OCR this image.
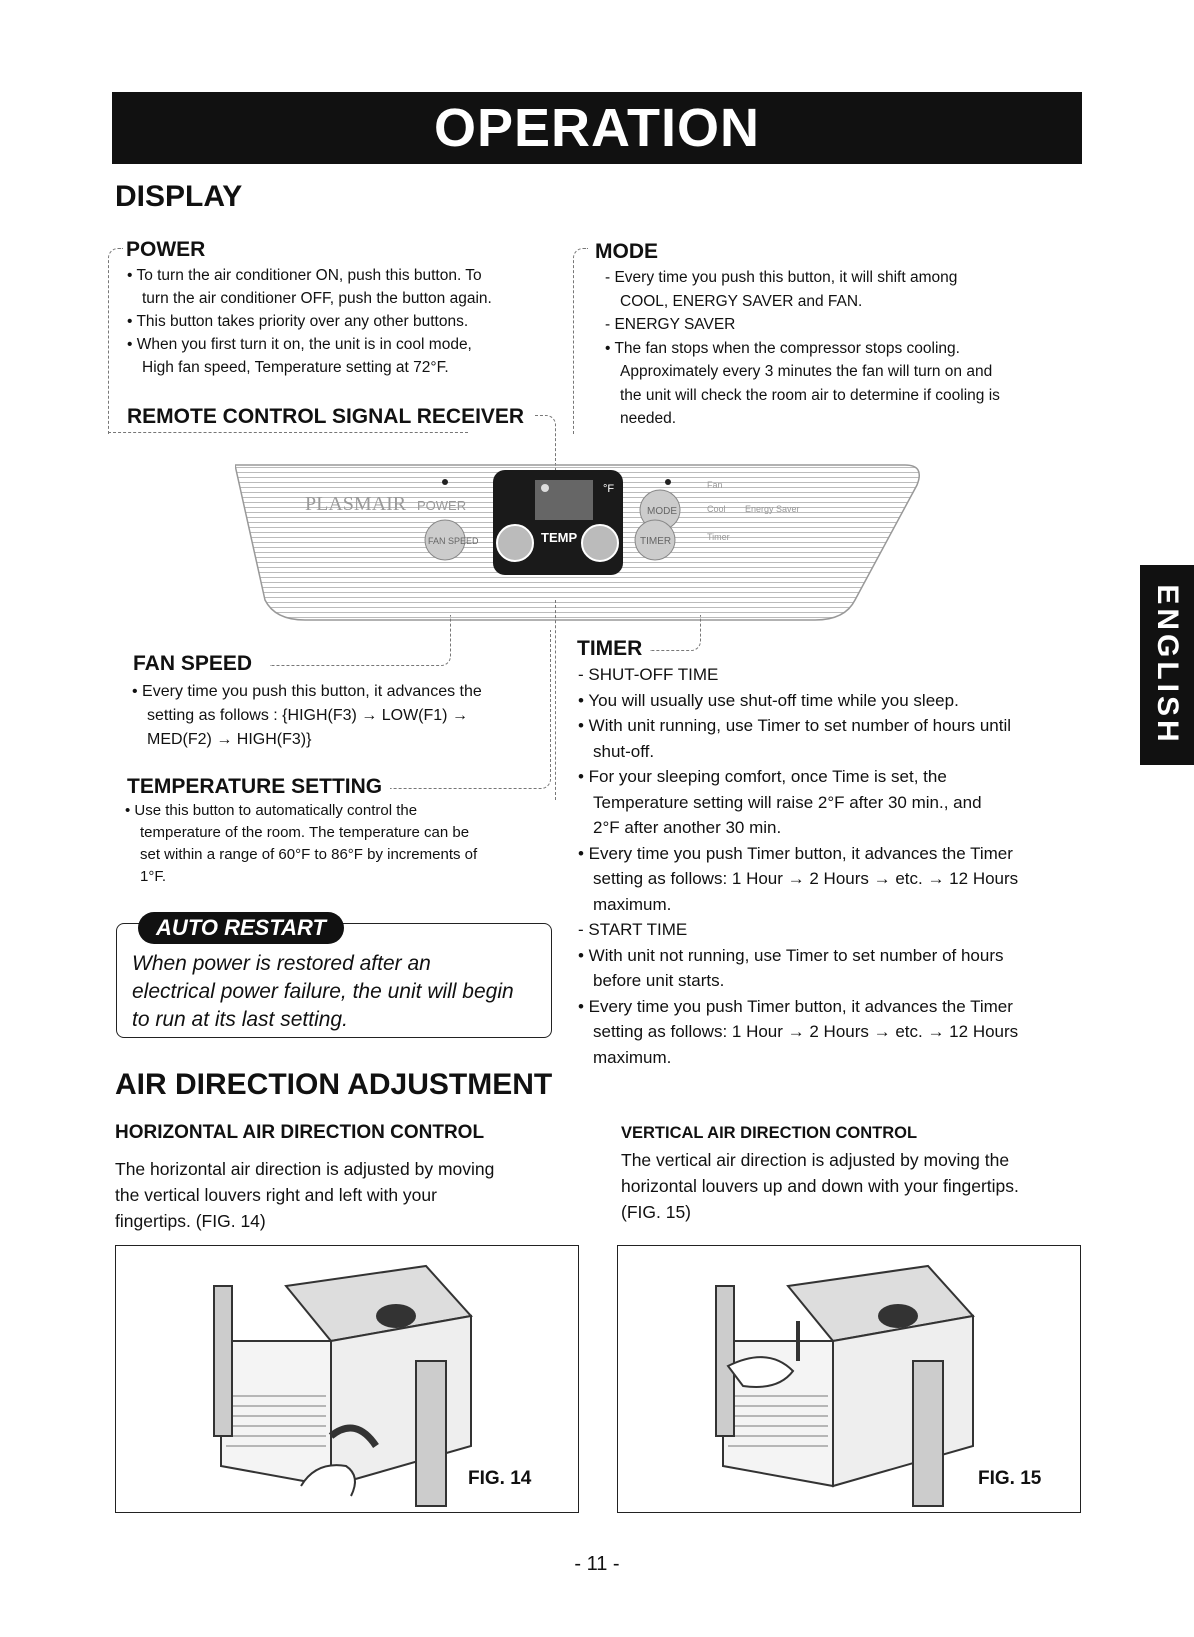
OPERATION
ENGLISH
DISPLAY
POWER
• To turn the air conditioner ON, push this button. To
turn the air conditioner OFF, push the button again.
• This button takes priority over any other buttons.
• When you first turn it on, the unit is in cool mode,
High fan speed, Temperature setting at 72°F.
REMOTE CONTROL SIGNAL RECEIVER
MODE
- Every time you push this button, it will shift among
COOL, ENERGY SAVER and FAN.
- ENERGY SAVER
• The fan stops when the compressor stops cooling.
Approximately every 3 minutes the fan will turn on and
the unit will check the room air to determine if cooling is
needed.
PLASMAIR POWER
FAN SPEED
°F
TEMP
MODE
TIMER
Fan
Cool Energy Saver
Timer
FAN SPEED
• Every time you push this button, it advances the
setting as follows : {HIGH(F3) → LOW(F1) →
MED(F2) → HIGH(F3)}
TEMPERATURE SETTING
• Use this button to automatically control the
temperature of the room. The temperature can be
set within a range of 60°F to 86°F by increments of
1°F.
AUTO RESTART
When power is restored after an
electrical power failure, the unit will begin
to run at its last setting.
TIMER
- SHUT-OFF TIME
• You will usually use shut-off time while you sleep.
• With unit running, use Timer to set number of hours until
shut-off.
• For your sleeping comfort, once Time is set, the
Temperature setting will raise 2°F after 30 min., and
2°F after another 30 min.
• Every time you push Timer button, it advances the Timer
setting as follows: 1 Hour → 2 Hours → etc. → 12 Hours
maximum.
- START TIME
• With unit not running, use Timer to set number of hours
before unit starts.
• Every time you push Timer button, it advances the Timer
setting as follows: 1 Hour → 2 Hours → etc. → 12 Hours
maximum.
AIR DIRECTION ADJUSTMENT
HORIZONTAL AIR DIRECTION CONTROL
The horizontal air direction is adjusted by moving
the vertical louvers right and left with your
fingertips. (FIG. 14)
VERTICAL AIR DIRECTION CONTROL
The vertical air direction is adjusted by moving the
horizontal louvers up and down with your fingertips.
(FIG. 15)
FIG. 14	FIG. 15
- 11 -
